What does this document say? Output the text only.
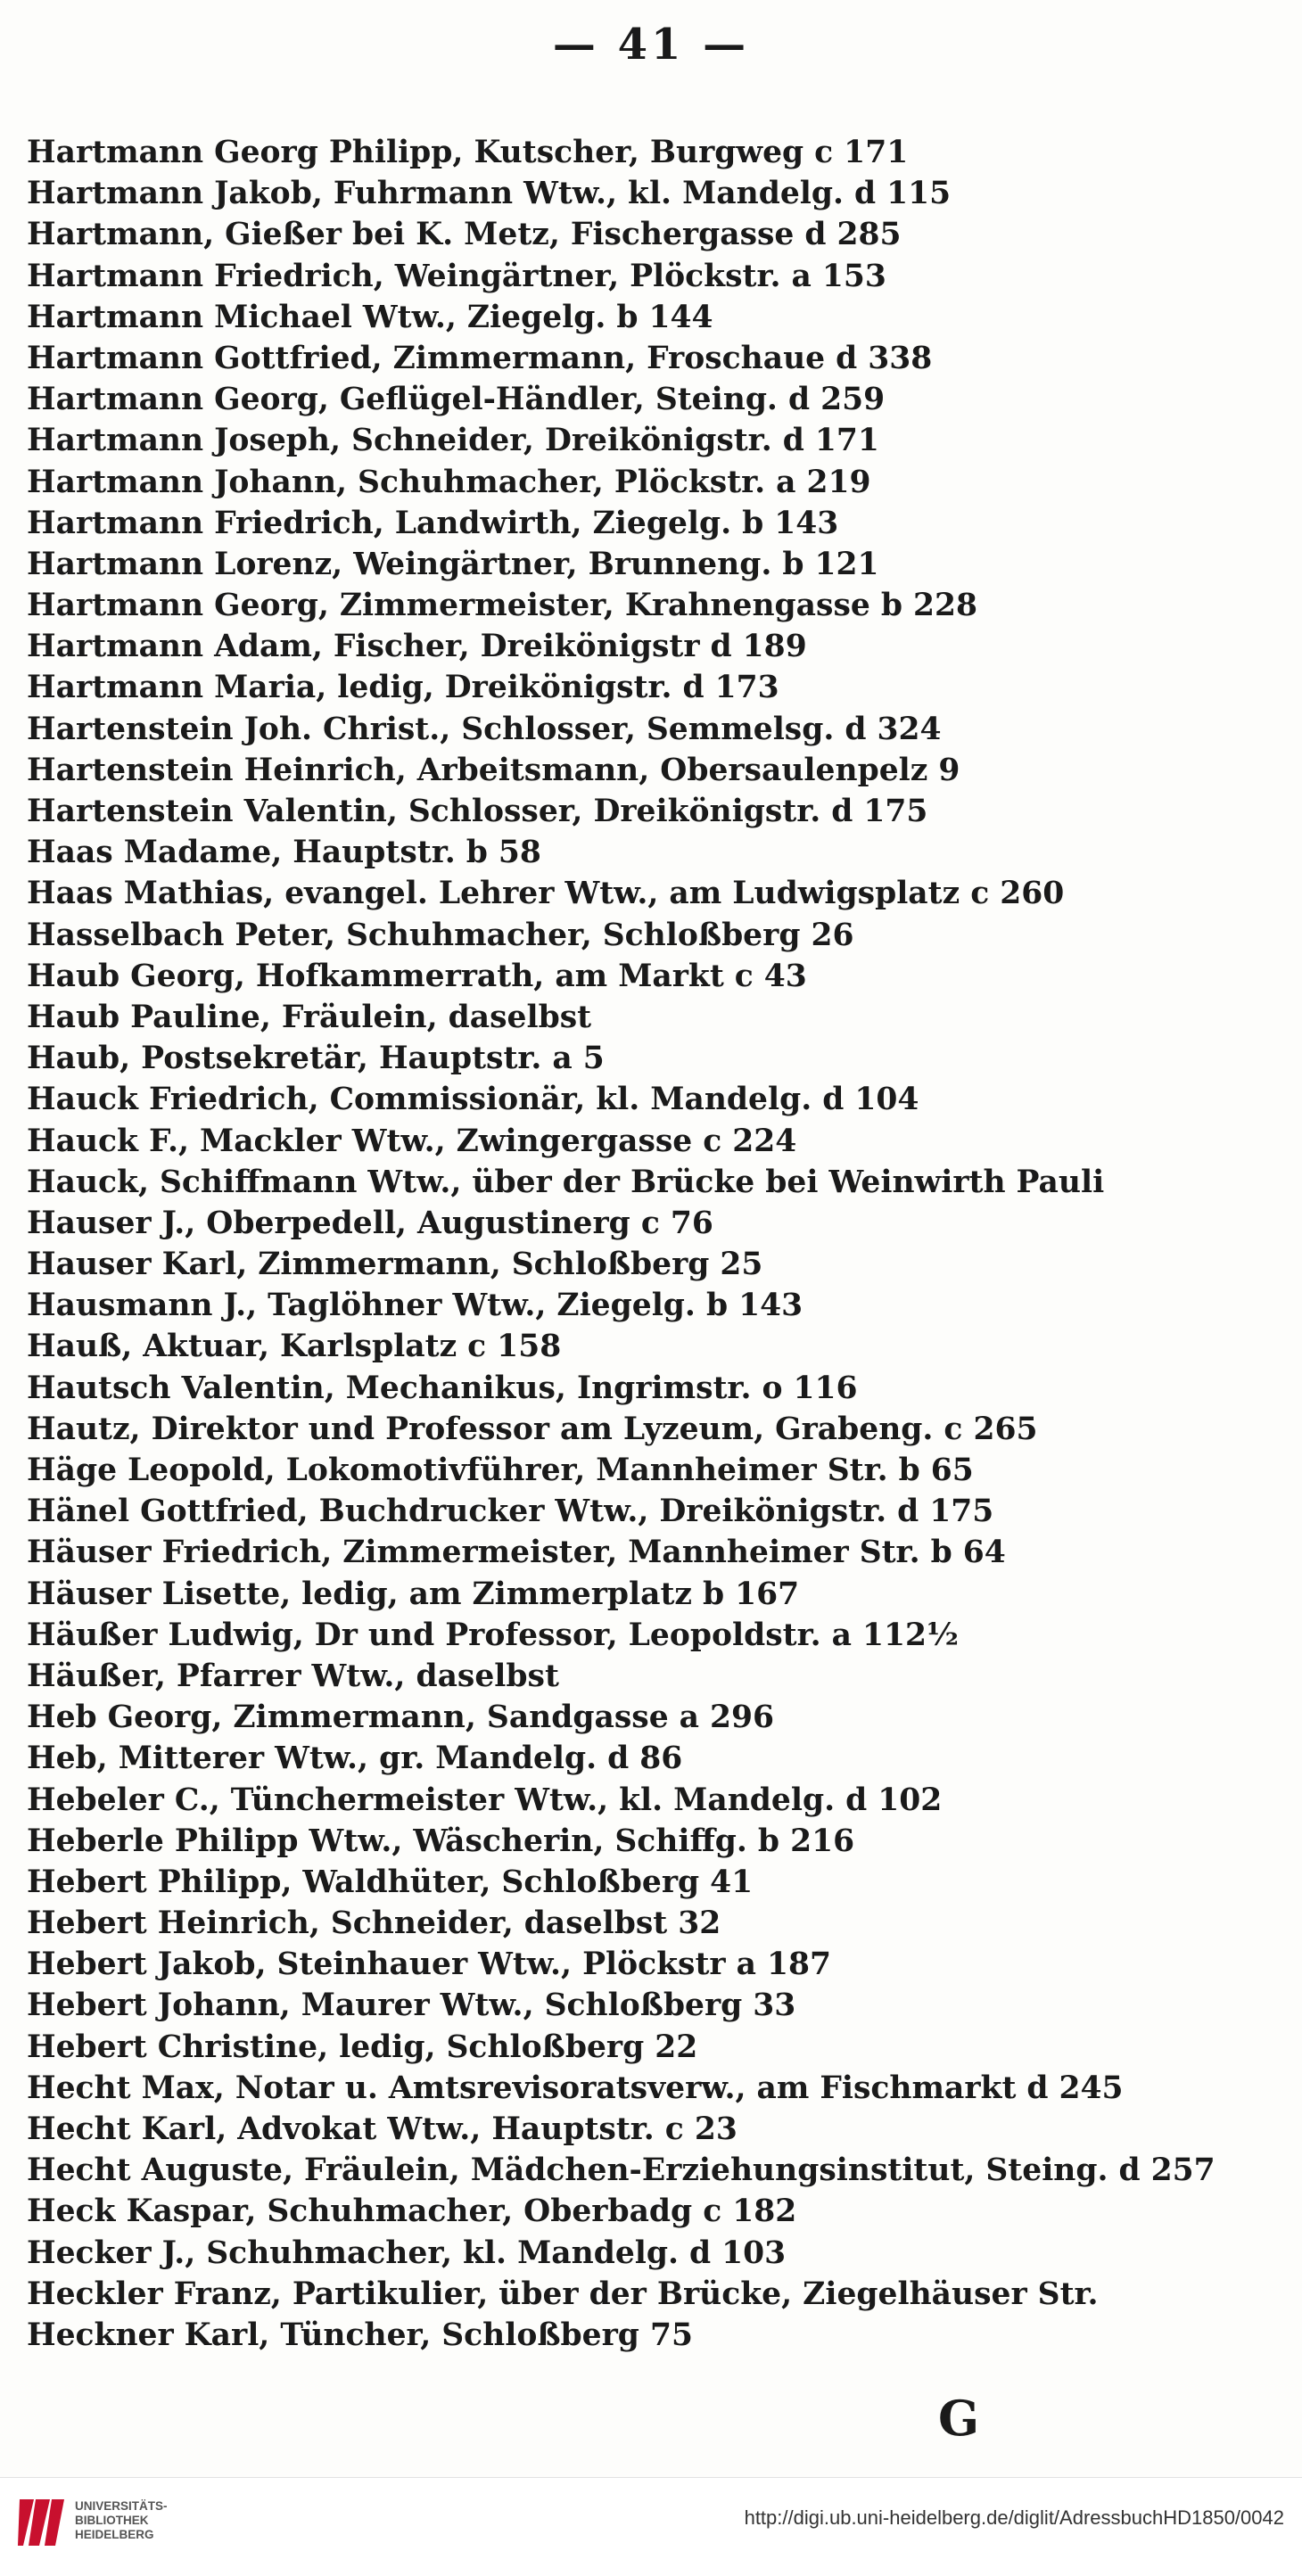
— 41 —
Hartmann Georg Philipp, Kutscher, Burgweg c 171
Hartmann Jakob, Fuhrmann Wtw., kl. Mandelg. d 115
Hartmann, Gießer bei K. Metz, Fischergasse d 285
Hartmann Friedrich, Weingärtner, Plöckstr. a 153
Hartmann Michael Wtw., Ziegelg. b 144
Hartmann Gottfried, Zimmermann, Froschaue d 338
Hartmann Georg, Geflügel-Händler, Steing. d 259
Hartmann Joseph, Schneider, Dreikönigstr. d 171
Hartmann Johann, Schuhmacher, Plöckstr. a 219
Hartmann Friedrich, Landwirth, Ziegelg. b 143
Hartmann Lorenz, Weingärtner, Brunneng. b 121
Hartmann Georg, Zimmermeister, Krahnengasse b 228
Hartmann Adam, Fischer, Dreikönigstr d 189
Hartmann Maria, ledig, Dreikönigstr. d 173
Hartenstein Joh. Christ., Schlosser, Semmelsg. d 324
Hartenstein Heinrich, Arbeitsmann, Obersaulenpelz 9
Hartenstein Valentin, Schlosser, Dreikönigstr. d 175
Haas Madame, Hauptstr. b 58
Haas Mathias, evangel. Lehrer Wtw., am Ludwigsplatz c 260
Hasselbach Peter, Schuhmacher, Schloßberg 26
Haub Georg, Hofkammerrath, am Markt c 43
Haub Pauline, Fräulein, daselbst
Haub, Postsekretär, Hauptstr. a 5
Hauck Friedrich, Commissionär, kl. Mandelg. d 104
Hauck F., Mackler Wtw., Zwingergasse c 224
Hauck, Schiffmann Wtw., über der Brücke bei Weinwirth Pauli
Hauser J., Oberpedell, Augustinerg c 76
Hauser Karl, Zimmermann, Schloßberg 25
Hausmann J., Taglöhner Wtw., Ziegelg. b 143
Hauß, Aktuar, Karlsplatz c 158
Hautsch Valentin, Mechanikus, Ingrimstr. o 116
Hautz, Direktor und Professor am Lyzeum, Grabeng. c 265
Häge Leopold, Lokomotivführer, Mannheimer Str. b 65
Hänel Gottfried, Buchdrucker Wtw., Dreikönigstr. d 175
Häuser Friedrich, Zimmermeister, Mannheimer Str. b 64
Häuser Lisette, ledig, am Zimmerplatz b 167
Häußer Ludwig, Dr und Professor, Leopoldstr. a 112½
Häußer, Pfarrer Wtw., daselbst
Heb Georg, Zimmermann, Sandgasse a 296
Heb, Mitterer Wtw., gr. Mandelg. d 86
Hebeler C., Tünchermeister Wtw., kl. Mandelg. d 102
Heberle Philipp Wtw., Wäscherin, Schiffg. b 216
Hebert Philipp, Waldhüter, Schloßberg 41
Hebert Heinrich, Schneider, daselbst 32
Hebert Jakob, Steinhauer Wtw., Plöckstr a 187
Hebert Johann, Maurer Wtw., Schloßberg 33
Hebert Christine, ledig, Schloßberg 22
Hecht Max, Notar u. Amtsrevisoratsverw., am Fischmarkt d 245
Hecht Karl, Advokat Wtw., Hauptstr. c 23
Hecht Auguste, Fräulein, Mädchen-Erziehungsinstitut, Steing. d 257
Heck Kaspar, Schuhmacher, Oberbadg c 182
Hecker J., Schuhmacher, kl. Mandelg. d 103
Heckler Franz, Partikulier, über der Brücke, Ziegelhäuser Str.
Heckner Karl, Tüncher, Schloßberg 75
G
UNIVERSITÄTS-
BIBLIOTHEK
HEIDELBERG
http://digi.ub.uni-heidelberg.de/diglit/AdressbuchHD1850/0042
